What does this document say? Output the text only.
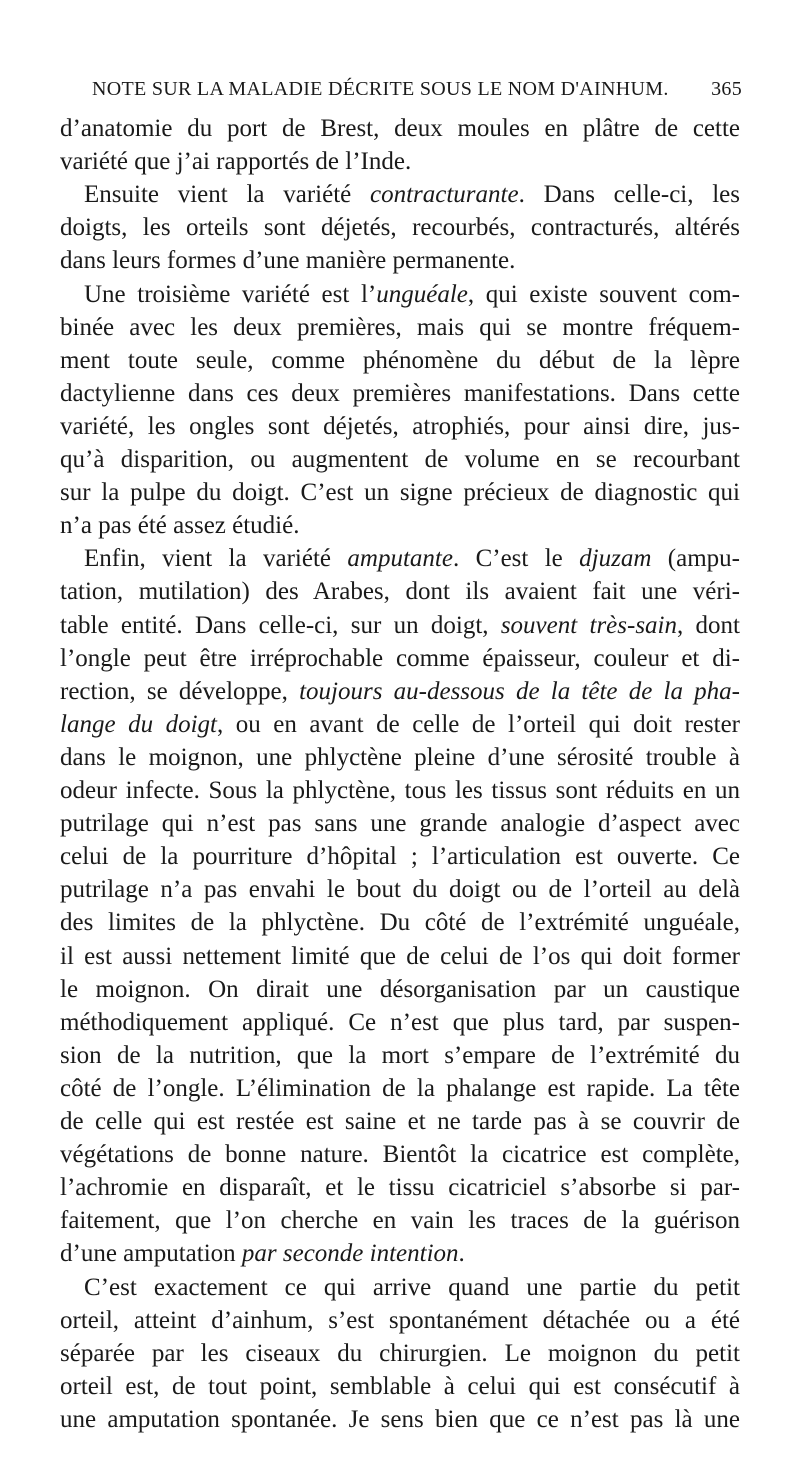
NOTE SUR LA MALADIE DÉCRITE SOUS LE NOM D'AINHUM. 365
d’anatomie du port de Brest, deux moules en plâtre de cette
variété que j’ai rapportés de l’Inde.
Ensuite vient la variété contracturante. Dans celle-ci, les
doigts, les orteils sont déjetés, recourbés, contracturés, altérés
dans leurs formes d’une manière permanente.
Une troisième variété est l’unguéale, qui existe souvent com-
binée avec les deux premières, mais qui se montre fréquem-
ment toute seule, comme phénomène du début de la lèpre
dactylienne dans ces deux premières manifestations. Dans cette
variété, les ongles sont déjetés, atrophiés, pour ainsi dire, jus-
qu’à disparition, ou augmentent de volume en se recourbant
sur la pulpe du doigt. C’est un signe précieux de diagnostic qui
n’a pas été assez étudié.
Enfin, vient la variété amputante. C’est le djuzam (ampu-
tation, mutilation) des Arabes, dont ils avaient fait une véri-
table entité. Dans celle-ci, sur un doigt, souvent très-sain, dont
l’ongle peut être irréprochable comme épaisseur, couleur et di-
rection, se développe, toujours au-dessous de la tête de la pha-
lange du doigt, ou en avant de celle de l’orteil qui doit rester
dans le moignon, une phlyctène pleine d’une sérosité trouble à
odeur infecte. Sous la phlyctène, tous les tissus sont réduits en un
putrilage qui n’est pas sans une grande analogie d’aspect avec
celui de la pourriture d’hôpital ; l’articulation est ouverte. Ce
putrilage n’a pas envahi le bout du doigt ou de l’orteil au delà
des limites de la phlyctène. Du côté de l’extrémité unguéale,
il est aussi nettement limité que de celui de l’os qui doit former
le moignon. On dirait une désorganisation par un caustique
méthodiquement appliqué. Ce n’est que plus tard, par suspen-
sion de la nutrition, que la mort s’empare de l’extrémité du
côté de l’ongle. L’élimination de la phalange est rapide. La tête
de celle qui est restée est saine et ne tarde pas à se couvrir de
végétations de bonne nature. Bientôt la cicatrice est complète,
l’achromie en disparaît, et le tissu cicatriciel s’absorbe si par-
faitement, que l’on cherche en vain les traces de la guérison
d’une amputation par seconde intention.
C’est exactement ce qui arrive quand une partie du petit
orteil, atteint d’ainhum, s’est spontanément détachée ou a été
séparée par les ciseaux du chirurgien. Le moignon du petit
orteil est, de tout point, semblable à celui qui est consécutif à
une amputation spontanée. Je sens bien que ce n’est pas là une
